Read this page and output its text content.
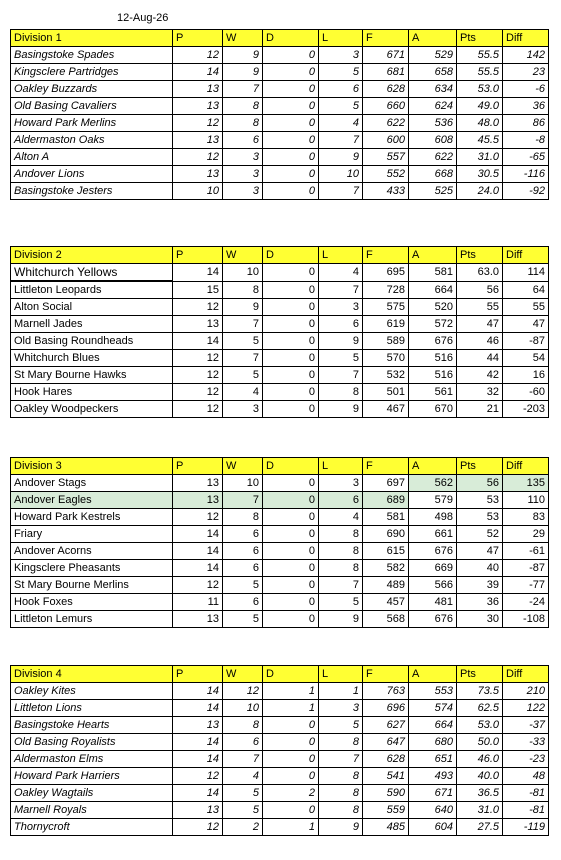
12-Aug-26
Division 1	P	W	D	L	F	A	Pts	Diff
Basingstoke Spades	12	9	0	3	671	529	55.5	142
Kingsclere Partridges	14	9	0	5	681	658	55.5	23
Oakley Buzzards	13	7	0	6	628	634	53.0	-6
Old Basing Cavaliers	13	8	0	5	660	624	49.0	36
Howard Park Merlins	12	8	0	4	622	536	48.0	86
Aldermaston Oaks	13	6	0	7	600	608	45.5	-8
Alton A	12	3	0	9	557	622	31.0	-65
Andover Lions	13	3	0	10	552	668	30.5	-116
Basingstoke Jesters	10	3	0	7	433	525	24.0	-92
Division 2	P	W	D	L	F	A	Pts	Diff
Whitchurch Yellows	14	10	0	4	695	581	63.0	114
Littleton Leopards	15	8	0	7	728	664	56	64
Alton Social	12	9	0	3	575	520	55	55
Marnell Jades	13	7	0	6	619	572	47	47
Old Basing Roundheads	14	5	0	9	589	676	46	-87
Whitchurch Blues	12	7	0	5	570	516	44	54
St Mary Bourne Hawks	12	5	0	7	532	516	42	16
Hook Hares	12	4	0	8	501	561	32	-60
Oakley Woodpeckers	12	3	0	9	467	670	21	-203
Division 3	P	W	D	L	F	A	Pts	Diff
Andover Stags	13	10	0	3	697	562	56	135
Andover Eagles	13	7	0	6	689	579	53	110
Howard Park Kestrels	12	8	0	4	581	498	53	83
Friary	14	6	0	8	690	661	52	29
Andover Acorns	14	6	0	8	615	676	47	-61
Kingsclere Pheasants	14	6	0	8	582	669	40	-87
St Mary Bourne Merlins	12	5	0	7	489	566	39	-77
Hook Foxes	11	6	0	5	457	481	36	-24
Littleton Lemurs	13	5	0	9	568	676	30	-108
Division 4	P	W	D	L	F	A	Pts	Diff
Oakley Kites	14	12	1	1	763	553	73.5	210
Littleton Lions	14	10	1	3	696	574	62.5	122
Basingstoke Hearts	13	8	0	5	627	664	53.0	-37
Old Basing Royalists	14	6	0	8	647	680	50.0	-33
Aldermaston Elms	14	7	0	7	628	651	46.0	-23
Howard Park Harriers	12	4	0	8	541	493	40.0	48
Oakley Wagtails	14	5	2	8	590	671	36.5	-81
Marnell Royals	13	5	0	8	559	640	31.0	-81
Thornycroft	12	2	1	9	485	604	27.5	-119
